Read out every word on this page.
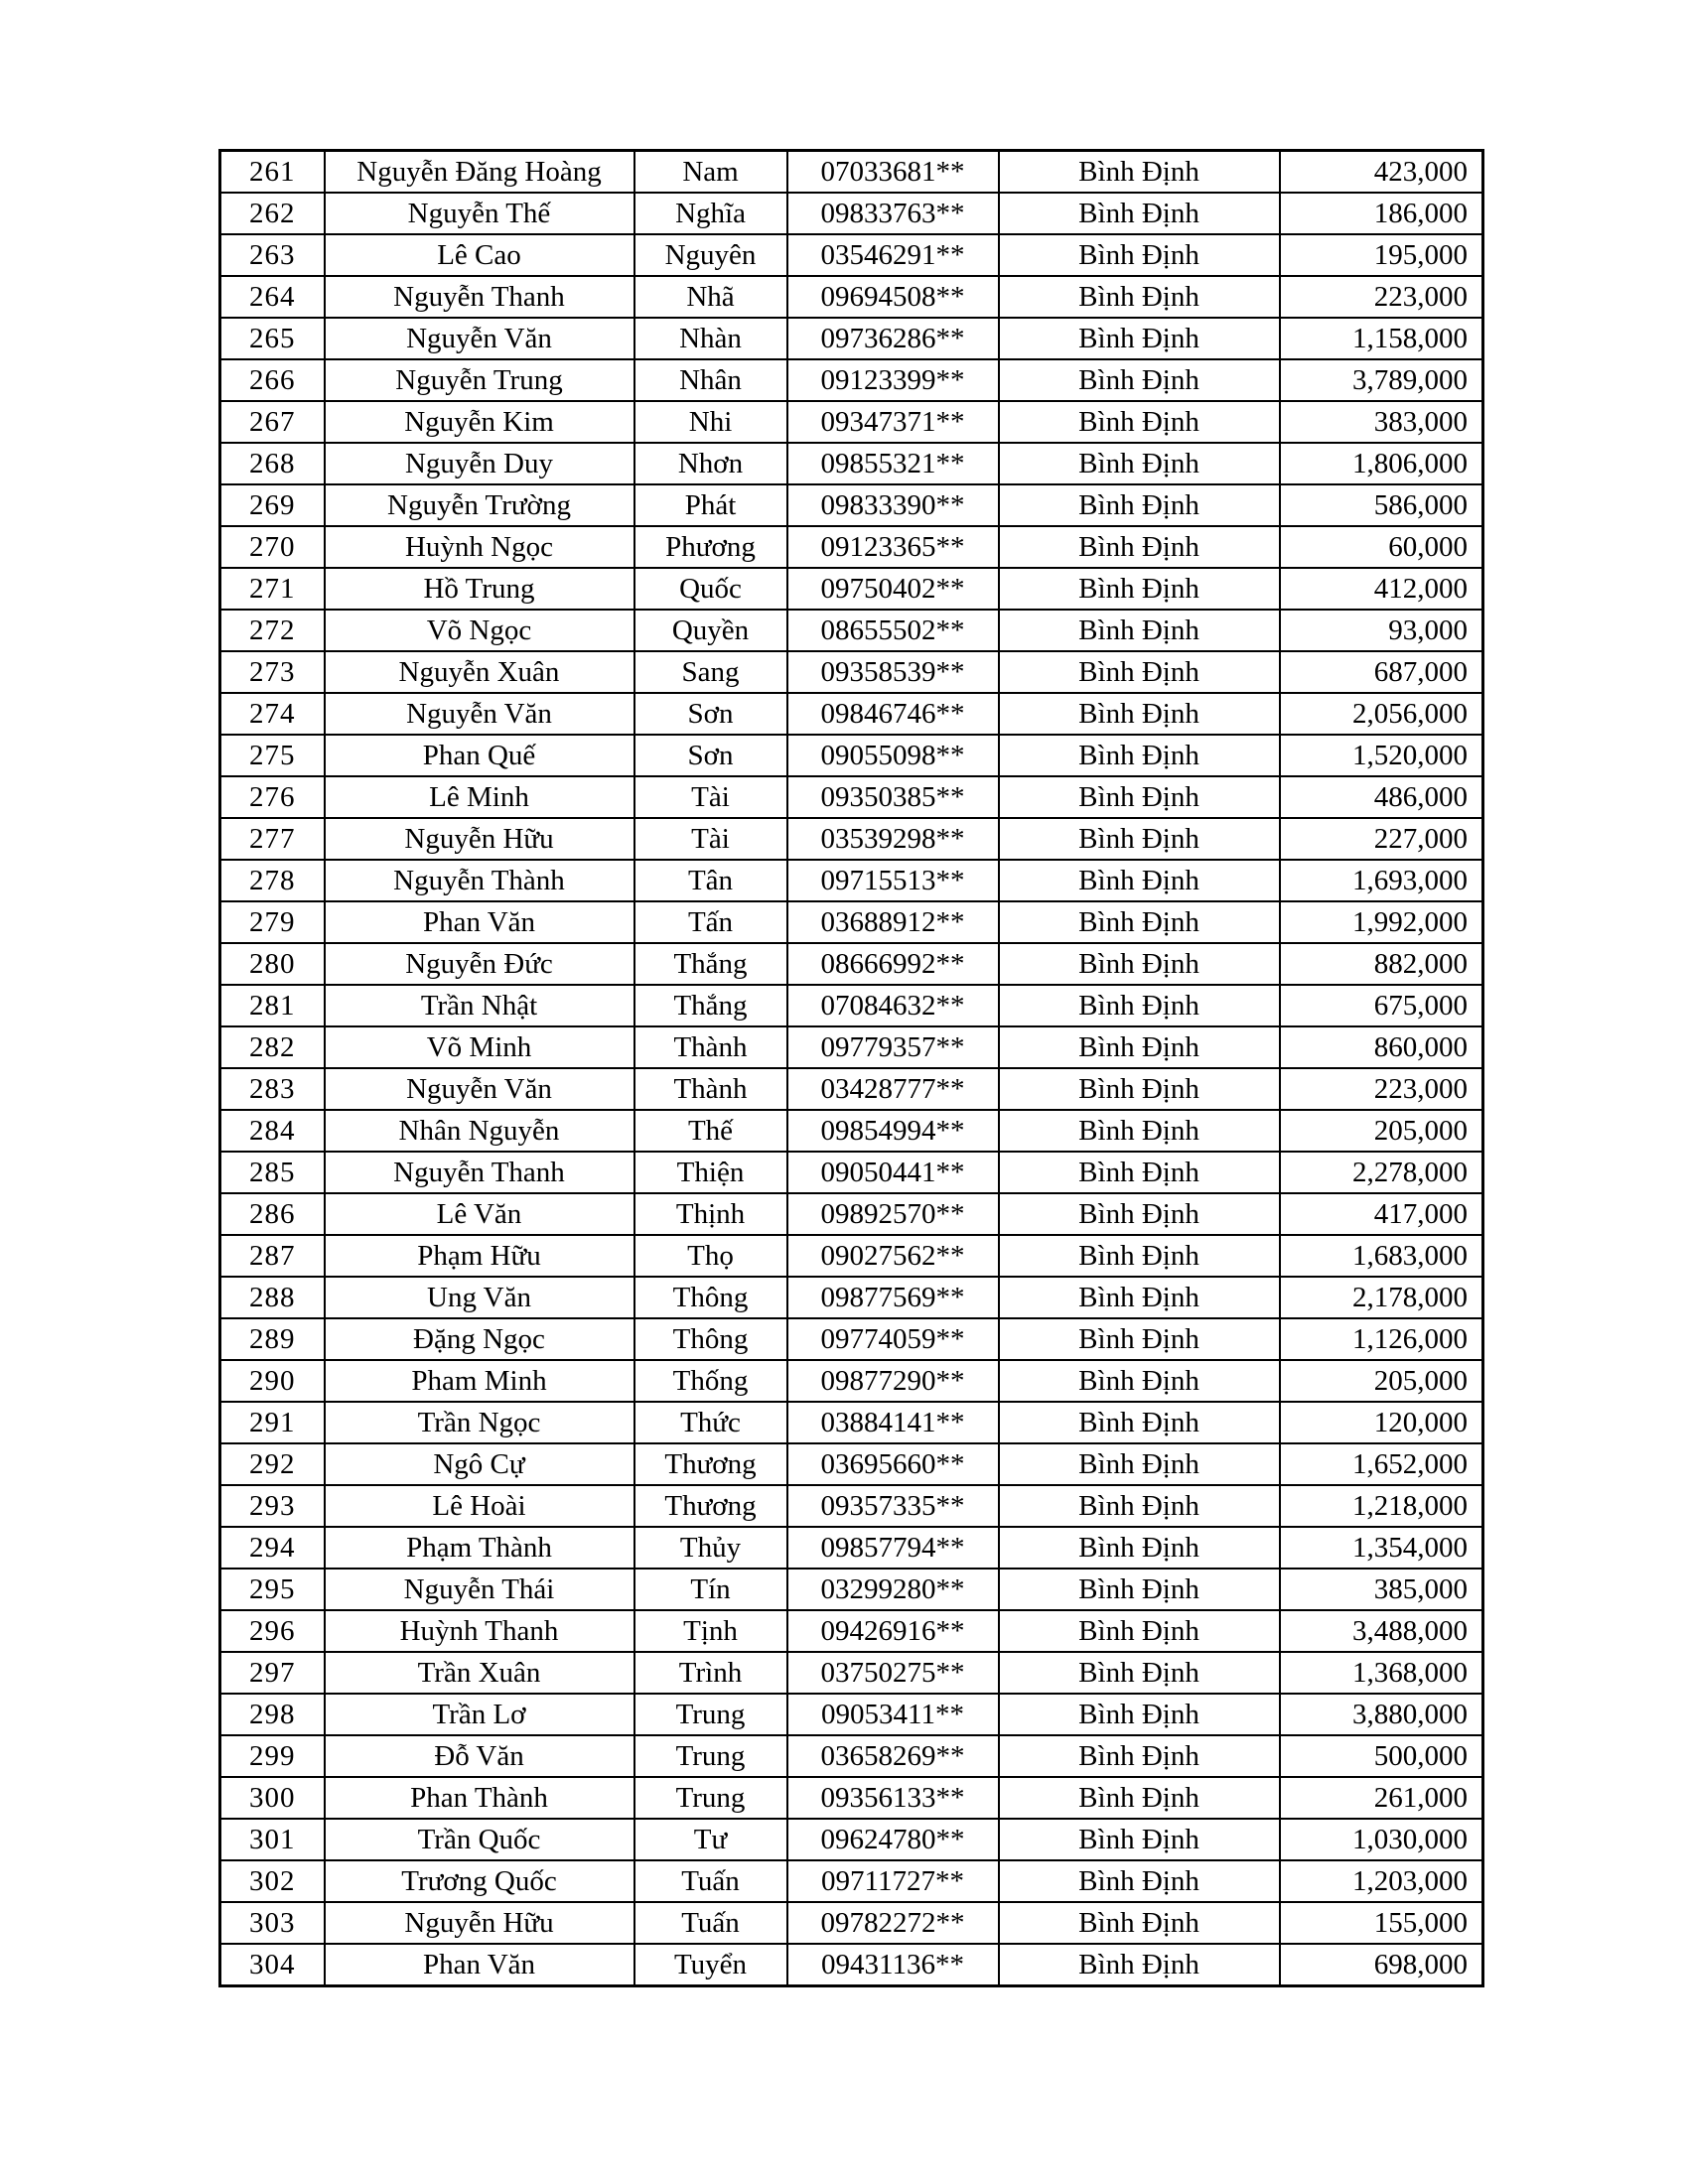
261	Nguyễn Đăng Hoàng	Nam	07033681**	Bình Định	423,000
262	Nguyễn Thế	Nghĩa	09833763**	Bình Định	186,000
263	Lê Cao	Nguyên	03546291**	Bình Định	195,000
264	Nguyễn Thanh	Nhã	09694508**	Bình Định	223,000
265	Nguyễn Văn	Nhàn	09736286**	Bình Định	1,158,000
266	Nguyễn Trung	Nhân	09123399**	Bình Định	3,789,000
267	Nguyễn Kim	Nhi	09347371**	Bình Định	383,000
268	Nguyễn Duy	Nhơn	09855321**	Bình Định	1,806,000
269	Nguyễn Trường	Phát	09833390**	Bình Định	586,000
270	Huỳnh Ngọc	Phương	09123365**	Bình Định	60,000
271	Hồ Trung	Quốc	09750402**	Bình Định	412,000
272	Võ Ngọc	Quyền	08655502**	Bình Định	93,000
273	Nguyễn Xuân	Sang	09358539**	Bình Định	687,000
274	Nguyễn Văn	Sơn	09846746**	Bình Định	2,056,000
275	Phan Quế	Sơn	09055098**	Bình Định	1,520,000
276	Lê Minh	Tài	09350385**	Bình Định	486,000
277	Nguyễn Hữu	Tài	03539298**	Bình Định	227,000
278	Nguyễn Thành	Tân	09715513**	Bình Định	1,693,000
279	Phan Văn	Tấn	03688912**	Bình Định	1,992,000
280	Nguyễn Đức	Thắng	08666992**	Bình Định	882,000
281	Trần Nhật	Thắng	07084632**	Bình Định	675,000
282	Võ Minh	Thành	09779357**	Bình Định	860,000
283	Nguyễn Văn	Thành	03428777**	Bình Định	223,000
284	Nhân Nguyễn	Thế	09854994**	Bình Định	205,000
285	Nguyễn Thanh	Thiện	09050441**	Bình Định	2,278,000
286	Lê Văn	Thịnh	09892570**	Bình Định	417,000
287	Phạm Hữu	Thọ	09027562**	Bình Định	1,683,000
288	Ung Văn	Thông	09877569**	Bình Định	2,178,000
289	Đặng Ngọc	Thông	09774059**	Bình Định	1,126,000
290	Pham Minh	Thống	09877290**	Bình Định	205,000
291	Trần Ngọc	Thức	03884141**	Bình Định	120,000
292	Ngô Cự	Thương	03695660**	Bình Định	1,652,000
293	Lê Hoài	Thương	09357335**	Bình Định	1,218,000
294	Phạm Thành	Thủy	09857794**	Bình Định	1,354,000
295	Nguyễn Thái	Tín	03299280**	Bình Định	385,000
296	Huỳnh Thanh	Tịnh	09426916**	Bình Định	3,488,000
297	Trần Xuân	Trình	03750275**	Bình Định	1,368,000
298	Trần Lơ	Trung	09053411**	Bình Định	3,880,000
299	Đỗ Văn	Trung	03658269**	Bình Định	500,000
300	Phan Thành	Trung	09356133**	Bình Định	261,000
301	Trần Quốc	Tư	09624780**	Bình Định	1,030,000
302	Trương Quốc	Tuấn	09711727**	Bình Định	1,203,000
303	Nguyễn Hữu	Tuấn	09782272**	Bình Định	155,000
304	Phan Văn	Tuyển	09431136**	Bình Định	698,000
